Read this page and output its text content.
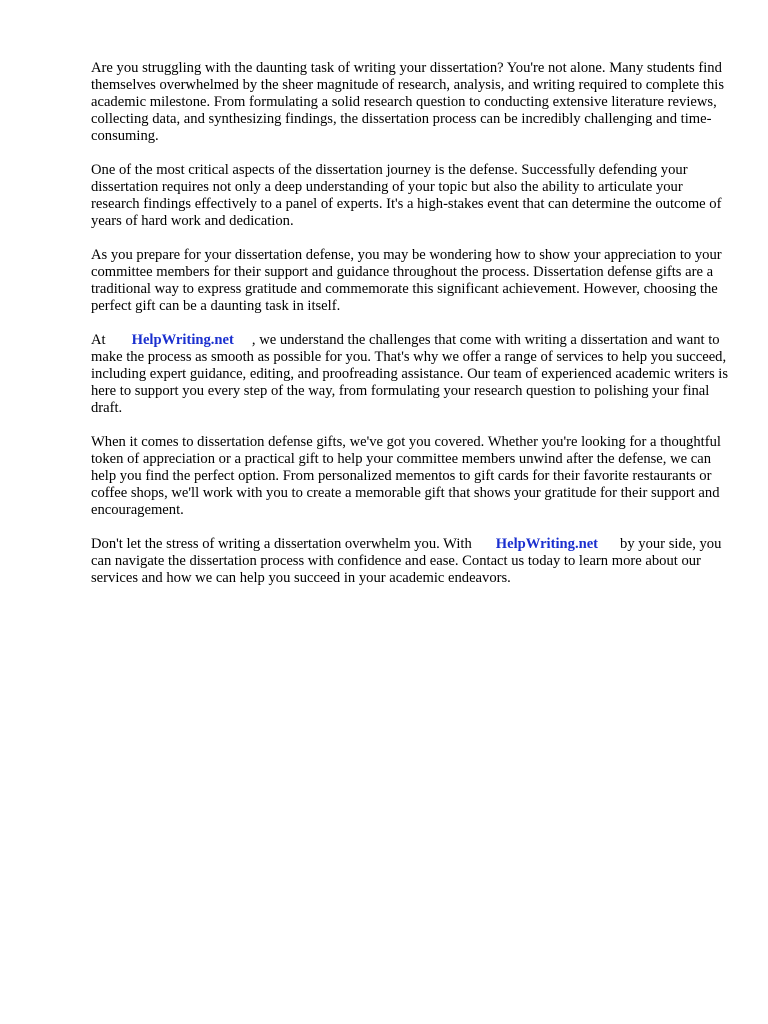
Are you struggling with the daunting task of writing your dissertation? You're not alone. Many students find themselves overwhelmed by the sheer magnitude of research, analysis, and writing required to complete this academic milestone. From formulating a solid research question to conducting extensive literature reviews, collecting data, and synthesizing findings, the dissertation process can be incredibly challenging and time-consuming.

One of the most critical aspects of the dissertation journey is the defense. Successfully defending your dissertation requires not only a deep understanding of your topic but also the ability to articulate your research findings effectively to a panel of experts. It's a high-stakes event that can determine the outcome of years of hard work and dedication.

As you prepare for your dissertation defense, you may be wondering how to show your appreciation to your committee members for their support and guidance throughout the process. Dissertation defense gifts are a traditional way to express gratitude and commemorate this significant achievement. However, choosing the perfect gift can be a daunting task in itself.

At HelpWriting.net , we understand the challenges that come with writing a dissertation and want to make the process as smooth as possible for you. That's why we offer a range of services to help you succeed, including expert guidance, editing, and proofreading assistance. Our team of experienced academic writers is here to support you every step of the way, from formulating your research question to polishing your final draft.

When it comes to dissertation defense gifts, we've got you covered. Whether you're looking for a thoughtful token of appreciation or a practical gift to help your committee members unwind after the defense, we can help you find the perfect option. From personalized mementos to gift cards for their favorite restaurants or coffee shops, we'll work with you to create a memorable gift that shows your gratitude for their support and encouragement.

Don't let the stress of writing a dissertation overwhelm you. With HelpWriting.net by your side, you can navigate the dissertation process with confidence and ease. Contact us today to learn more about our services and how we can help you succeed in your academic endeavors.
